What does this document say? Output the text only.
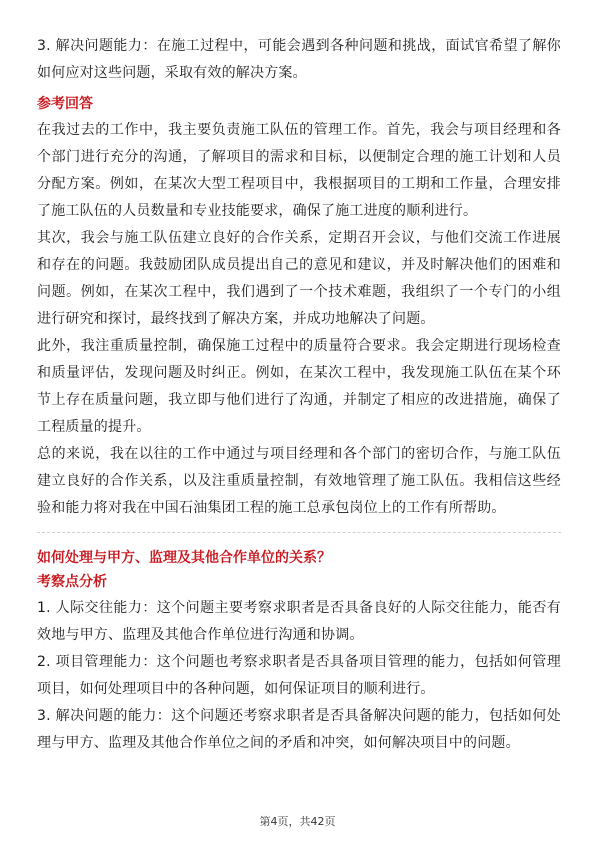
3. 解决问题能力：在施工过程中，可能会遇到各种问题和挑战，面试官希望了解你如何应对这些问题，采取有效的解决方案。

参考回答

在我过去的工作中，我主要负责施工队伍的管理工作。首先，我会与项目经理和各个部门进行充分的沟通，了解项目的需求和目标，以便制定合理的施工计划和人员分配方案。例如，在某次大型工程项目中，我根据项目的工期和工作量，合理安排了施工队伍的人员数量和专业技能要求，确保了施工进度的顺利进行。

其次，我会与施工队伍建立良好的合作关系，定期召开会议，与他们交流工作进展和存在的问题。我鼓励团队成员提出自己的意见和建议，并及时解决他们的困难和问题。例如，在某次工程中，我们遇到了一个技术难题，我组织了一个专门的小组进行研究和探讨，最终找到了解决方案，并成功地解决了问题。

此外，我注重质量控制，确保施工过程中的质量符合要求。我会定期进行现场检查和质量评估，发现问题及时纠正。例如，在某次工程中，我发现施工队伍在某个环节上存在质量问题，我立即与他们进行了沟通，并制定了相应的改进措施，确保了工程质量的提升。

总的来说，我在以往的工作中通过与项目经理和各个部门的密切合作，与施工队伍建立良好的合作关系，以及注重质量控制，有效地管理了施工队伍。我相信这些经验和能力将对我在中国石油集团工程的施工总承包岗位上的工作有所帮助。

如何处理与甲方、监理及其他合作单位的关系？
考察点分析

1. 人际交往能力：这个问题主要考察求职者是否具备良好的人际交往能力，能否有效地与甲方、监理及其他合作单位进行沟通和协调。

2. 项目管理能力：这个问题也考察求职者是否具备项目管理的能力，包括如何管理项目，如何处理项目中的各种问题，如何保证项目的顺利进行。

3. 解决问题的能力：这个问题还考察求职者是否具备解决问题的能力，包括如何处理与甲方、监理及其他合作单位之间的矛盾和冲突，如何解决项目中的问题。

第4页，共42页
